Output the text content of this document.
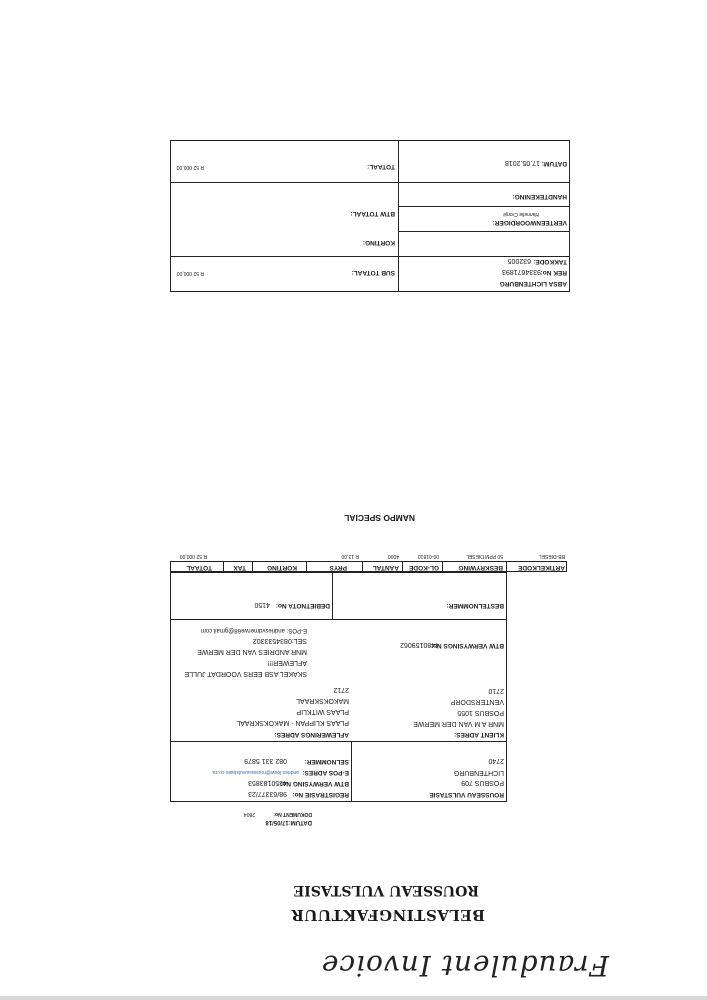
Fraudulent Invoice
BELASTINGFAKTUUR
ROUSSEAU VULSTASIE
DATUM:17/05/18
DOKUMENT No:
2804
ROUSSEAU VULSTASIE
POSBUS 709
LICHTENBURG
2740
REGISTRASIE No:
98/63377/23
BTW VERWYSING No:
4350183853
E-POS ADRES:
andries.louw@rousseauvulstasie.co.za
SELNOMMER:
082 331 5879
KLIENT ADRES:
MNR A M VAN DER MERWE
POSBUS 1055
VENTERSDORP
2710
AFLEWERINGS ADRES:
PLAAS KLIPPAN - MAKOKSKRAAL
PLAAS WITKLIP
MAKOKSKRAAL
2712
SKAKEL ASB EERS VOORDAT JULLE
AFLEWER!!!
MNR ANDRIES VAN DER MERWE
SEL:0834533302
E-POS: andriesvdmerwe68@gmail.com
BTW VERWYSINGS No:
4480159062
BESTELNOMMER:
DEBIETNOTA No:
4150
ARTIKELKODE
BESKRYWING
GL-KODE
AANTAL
PRYS
KORTING
TAX
TOTAAL
BB-DIESEL
50 PPM DIESEL
00-01810
4000
R 13,00
R 52 000,00
NAMPO SPECIAL
ABSA LICHTENBURG
REK No:
9334671893
TAKKODE:
632005
VERTEENWOORDIGER:
Hannelie Cronjé
HANDTEKENING:
DATUM:
17.05.2018
SUB TOTAAL:
R 52 000,00
KORTING:
BTW TOTAAL:
TOTAAL:
R 52 000,00
